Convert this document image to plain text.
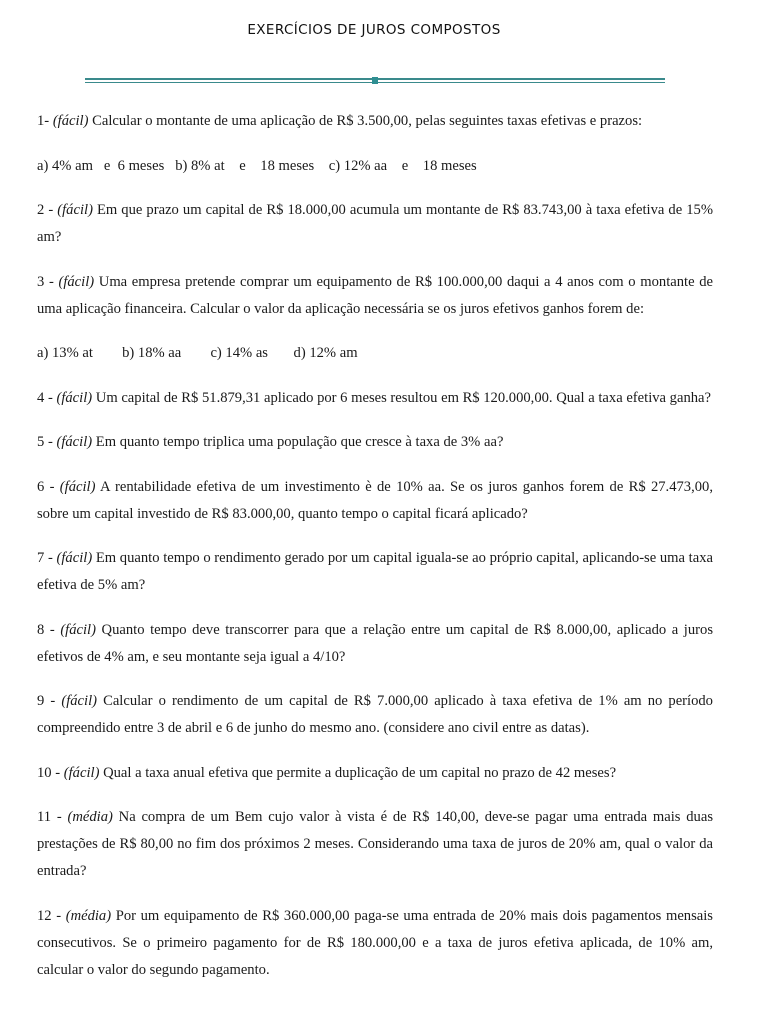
EXERCÍCIOS DE JUROS COMPOSTOS

1- (fácil) Calcular o montante de uma aplicação de R$ 3.500,00, pelas seguintes taxas efetivas e prazos:

a) 4% am   e  6 meses   b) 8% at    e    18 meses    c) 12% aa    e    18 meses

2 - (fácil) Em que prazo um capital de R$ 18.000,00 acumula um montante de R$ 83.743,00 à taxa efetiva de 15% am?

3 - (fácil) Uma empresa pretende comprar um equipamento de R$ 100.000,00 daqui a 4 anos com o montante de uma aplicação financeira. Calcular o valor da aplicação necessária se os juros efetivos ganhos forem de:

a) 13% at        b) 18% aa        c) 14% as       d) 12% am

4 - (fácil) Um capital de R$ 51.879,31 aplicado por 6 meses resultou em R$ 120.000,00. Qual a taxa efetiva ganha?

5 - (fácil) Em quanto tempo triplica uma população que cresce à taxa de 3% aa?

6 - (fácil) A rentabilidade efetiva de um investimento è de 10% aa. Se os juros ganhos forem de R$ 27.473,00, sobre um capital investido de R$ 83.000,00, quanto tempo o capital ficará aplicado?

7 - (fácil) Em quanto tempo o rendimento gerado por um capital iguala-se ao próprio capital, aplicando-se uma taxa efetiva de 5% am?

8 - (fácil) Quanto tempo deve transcorrer para que a relação entre um capital de R$ 8.000,00, aplicado a juros efetivos de 4% am, e seu montante seja igual a 4/10?

9 - (fácil) Calcular o rendimento de um capital de R$ 7.000,00 aplicado à taxa efetiva de 1% am no período compreendido entre 3 de abril e 6 de junho do mesmo ano. (considere ano civil entre as datas).

10 - (fácil) Qual a taxa anual efetiva que permite a duplicação de um capital no prazo de 42 meses?

11 - (média) Na compra de um Bem cujo valor à vista é de R$ 140,00, deve-se pagar uma entrada mais duas prestações de R$ 80,00 no fim dos próximos 2 meses. Considerando uma taxa de juros de 20% am, qual o valor da entrada?

12 - (média) Por um equipamento de R$ 360.000,00 paga-se uma entrada de 20% mais dois pagamentos mensais consecutivos. Se o primeiro pagamento for de R$ 180.000,00 e a taxa de juros efetiva aplicada, de 10% am, calcular o valor do segundo pagamento.
